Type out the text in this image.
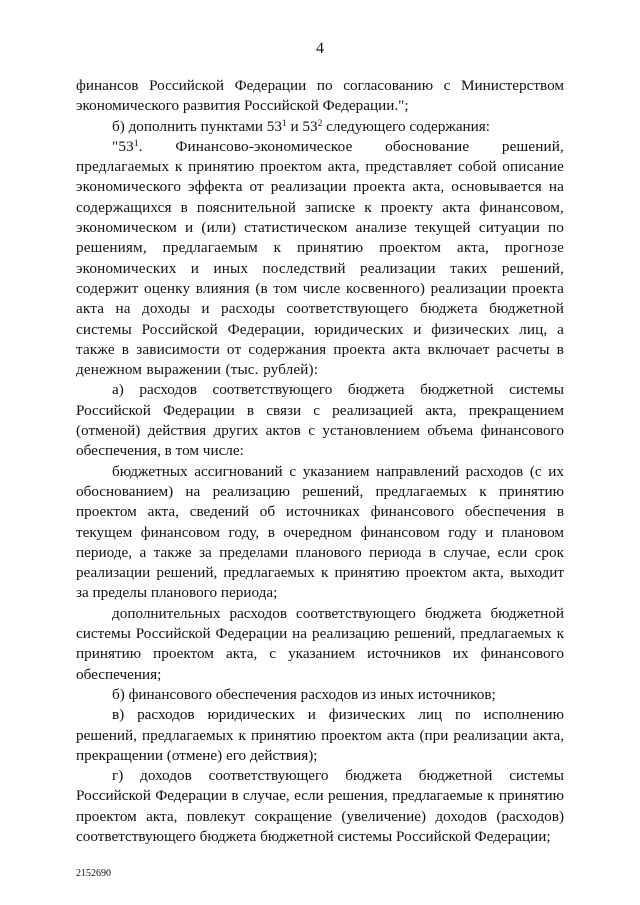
4

финансов Российской Федерации по согласованию с Министерством экономического развития Российской Федерации.";

б) дополнить пунктами $53^1$ и $53^2$ следующего содержания:

"$53^1$. Финансово-экономическое обоснование решений, предлагаемых к принятию проектом акта, представляет собой описание экономического эффекта от реализации проекта акта, основывается на содержащихся в пояснительной записке к проекту акта финансовом, экономическом и (или) статистическом анализе текущей ситуации по решениям, предлагаемым к принятию проектом акта, прогнозе экономических и иных последствий реализации таких решений, содержит оценку влияния (в том числе косвенного) реализации проекта акта на доходы и расходы соответствующего бюджета бюджетной системы Российской Федерации, юридических и физических лиц, а также в зависимости от содержания проекта акта включает расчеты в денежном выражении (тыс. рублей):

а) расходов соответствующего бюджета бюджетной системы Российской Федерации в связи с реализацией акта, прекращением (отменой) действия других актов с установлением объема финансового обеспечения, в том числе:

бюджетных ассигнований с указанием направлений расходов (с их обоснованием) на реализацию решений, предлагаемых к принятию проектом акта, сведений об источниках финансового обеспечения в текущем финансовом году, в очередном финансовом году и плановом периоде, а также за пределами планового периода в случае, если срок реализации решений, предлагаемых к принятию проектом акта, выходит за пределы планового периода;

дополнительных расходов соответствующего бюджета бюджетной системы Российской Федерации на реализацию решений, предлагаемых к принятию проектом акта, с указанием источников их финансового обеспечения;

б) финансового обеспечения расходов из иных источников;

в) расходов юридических и физических лиц по исполнению решений, предлагаемых к принятию проектом акта (при реализации акта, прекращении (отмене) его действия);

г) доходов соответствующего бюджета бюджетной системы Российской Федерации в случае, если решения, предлагаемые к принятию проектом акта, повлекут сокращение (увеличение) доходов (расходов) соответствующего бюджета бюджетной системы Российской Федерации;

2152690
